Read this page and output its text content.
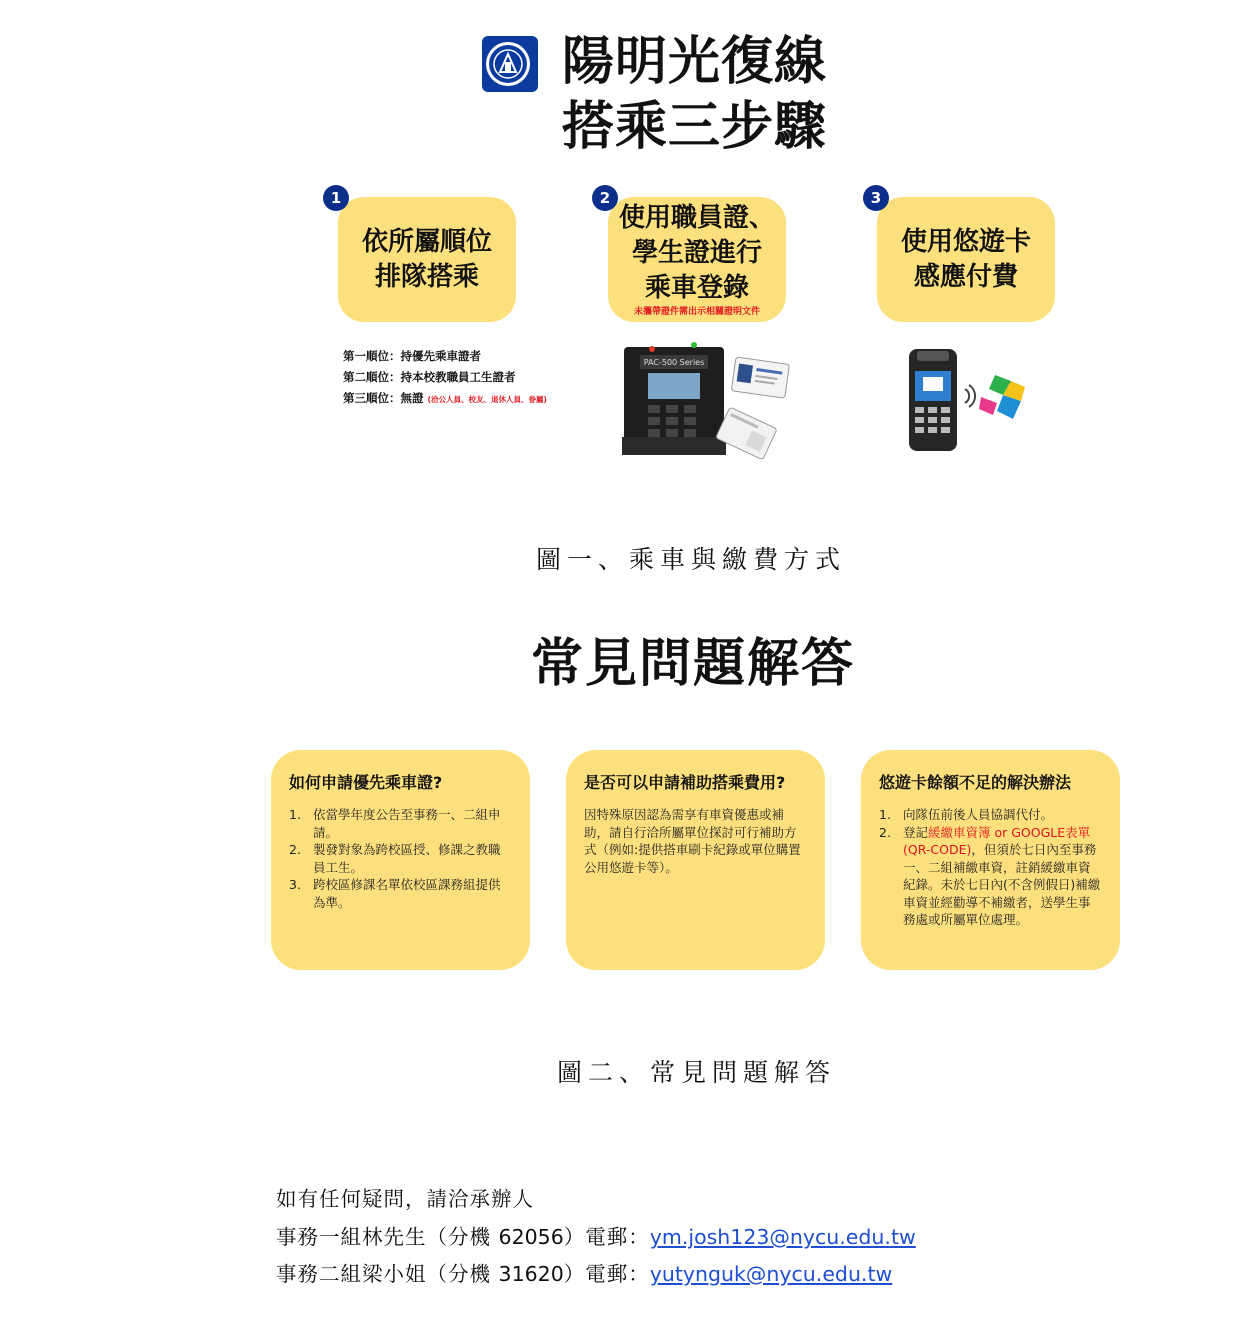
陽明光復線
搭乘三步驟
依所屬順位
排隊搭乘
使用職員證、
學生證進行
乘車登錄
未攜帶證件需出示相關證明文件
使用悠遊卡
感應付費
1	2	3
第一順位：持優先乘車證者
第二順位：持本校教職員工生證者
第三順位：無證 (洽公人員、校友、退休人員、眷屬)
PAC-500 Series
圖一、乘車與繳費方式
常見問題解答
如何申請優先乘車證?
1. 依當學年度公告至事務一、二組申請。
2. 製發對象為跨校區授、修課之教職員工生。
3. 跨校區修課名單依校區課務組提供為準。
是否可以申請補助搭乘費用?
因特殊原因認為需享有車資優惠或補助，請自行洽所屬單位探討可行補助方式（例如:提供搭車刷卡紀錄或單位購置公用悠遊卡等）。
悠遊卡餘額不足的解決辦法
1. 向隊伍前後人員協調代付。
2. 登記緩繳車資簿 or GOOGLE表單(QR-CODE)，但須於七日內至事務一、二組補繳車資，註銷緩繳車資紀錄。未於七日內(不含例假日)補繳車資並經勸導不補繳者，送學生事務處或所屬單位處理。
圖二、常見問題解答
如有任何疑問，請洽承辦人
事務一組林先生（分機 62056）電郵：ym.josh123@nycu.edu.tw
事務二組梁小姐（分機 31620）電郵：yutynguk@nycu.edu.tw
